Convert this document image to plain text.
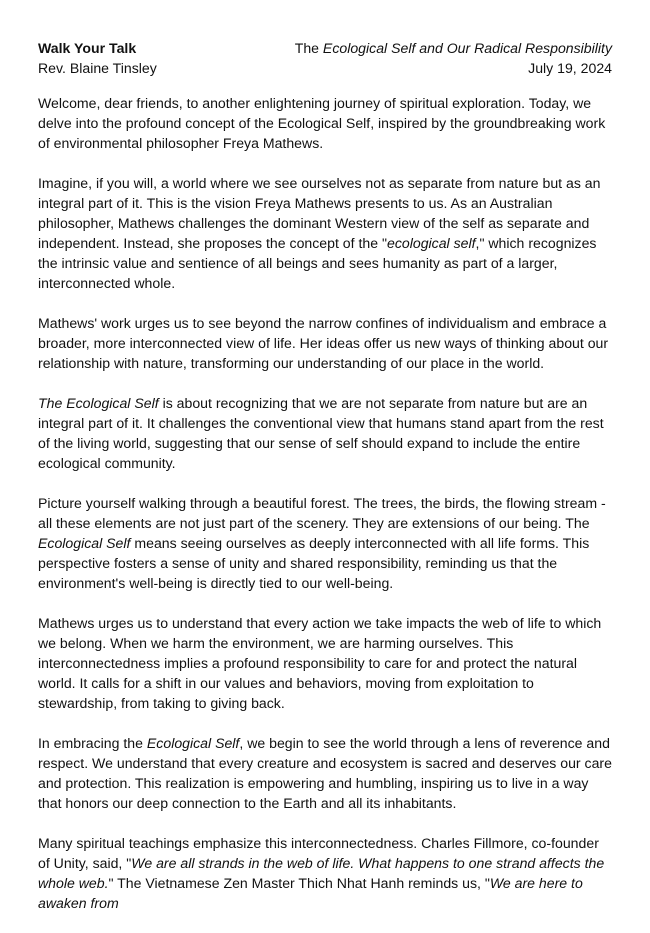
Walk Your Talk
Rev. Blaine Tinsley
The Ecological Self and Our Radical Responsibility
July 19, 2024

Welcome, dear friends, to another enlightening journey of spiritual exploration. Today, we delve into the profound concept of the Ecological Self, inspired by the groundbreaking work of environmental philosopher Freya Mathews.

Imagine, if you will, a world where we see ourselves not as separate from nature but as an integral part of it. This is the vision Freya Mathews presents to us. As an Australian philosopher, Mathews challenges the dominant Western view of the self as separate and independent. Instead, she proposes the concept of the "ecological self," which recognizes the intrinsic value and sentience of all beings and sees humanity as part of a larger, interconnected whole.

Mathews' work urges us to see beyond the narrow confines of individualism and embrace a broader, more interconnected view of life. Her ideas offer us new ways of thinking about our relationship with nature, transforming our understanding of our place in the world.

The Ecological Self is about recognizing that we are not separate from nature but are an integral part of it. It challenges the conventional view that humans stand apart from the rest of the living world, suggesting that our sense of self should expand to include the entire ecological community.

Picture yourself walking through a beautiful forest. The trees, the birds, the flowing stream - all these elements are not just part of the scenery. They are extensions of our being. The Ecological Self means seeing ourselves as deeply interconnected with all life forms. This perspective fosters a sense of unity and shared responsibility, reminding us that the environment's well-being is directly tied to our well-being.

Mathews urges us to understand that every action we take impacts the web of life to which we belong. When we harm the environment, we are harming ourselves. This interconnectedness implies a profound responsibility to care for and protect the natural world. It calls for a shift in our values and behaviors, moving from exploitation to stewardship, from taking to giving back.

In embracing the Ecological Self, we begin to see the world through a lens of reverence and respect. We understand that every creature and ecosystem is sacred and deserves our care and protection. This realization is empowering and humbling, inspiring us to live in a way that honors our deep connection to the Earth and all its inhabitants.

Many spiritual teachings emphasize this interconnectedness. Charles Fillmore, co-founder of Unity, said, "We are all strands in the web of life. What happens to one strand affects the whole web." The Vietnamese Zen Master Thich Nhat Hanh reminds us, "We are here to awaken from
